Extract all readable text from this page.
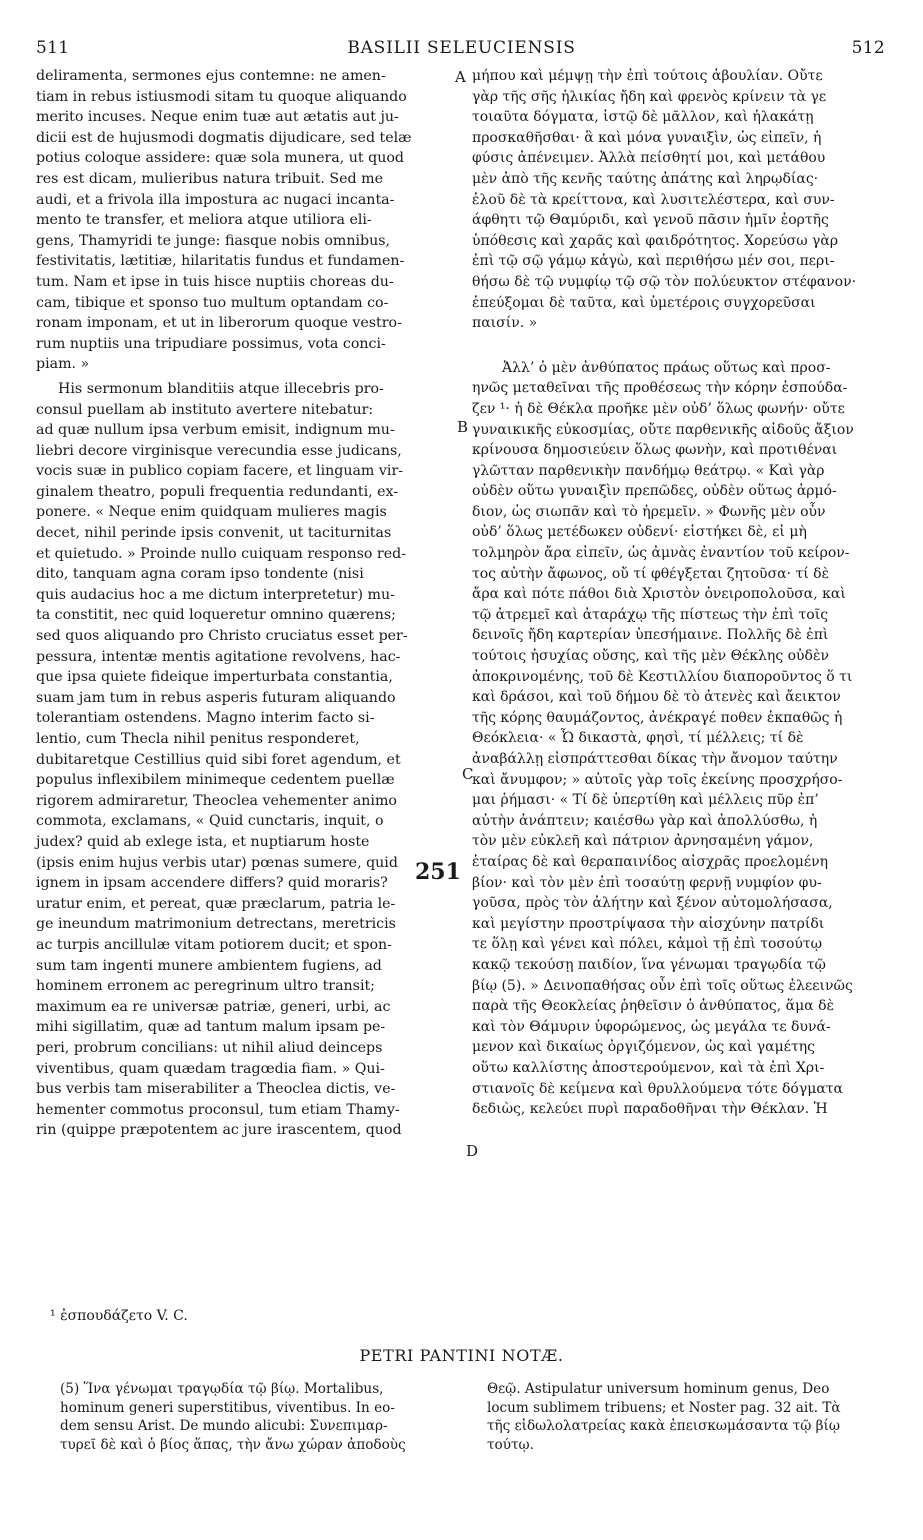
511	BASILII SELEUCIENSIS	512

deliramenta, sermones ejus contemne: ne amen-
tiam in rebus istiusmodi sitam tu quoque aliquando
merito incuses. Neque enim tuæ aut ætatis aut ju-
dicii est de hujusmodi dogmatis dijudicare, sed telæ
potius coloque assidere: quæ sola munera, ut quod
res est dicam, mulieribus natura tribuit. Sed me
audi, et a frivola illa impostura ac nugaci incanta-
mento te transfer, et meliora atque utiliora eli-
gens, Thamyridi te junge: fiasque nobis omnibus,
festivitatis, lætitiæ, hilaritatis fundus et fundamen-
tum. Nam et ipse in tuis hisce nuptiis choreas du-
cam, tibique et sponso tuo multum optandam co-
ronam imponam, et ut in liberorum quoque vestro-
rum nuptiis una tripudiare possimus, vota conci-
piam. »

His sermonum blanditiis atque illecebris pro-
consul puellam ab instituto avertere nitebatur:
ad quæ nullum ipsa verbum emisit, indignum mu-
liebri decore virginisque verecundia esse judicans,
vocis suæ in publico copiam facere, et linguam vir-
ginalem theatro, populi frequentia redundanti, ex-
ponere. « Neque enim quidquam mulieres magis
decet, nihil perinde ipsis convenit, ut taciturnitas
et quietudo. » Proinde nullo cuiquam responso red-
dito, tanquam agna coram ipso tondente (nisi
quis audacius hoc a me dictum interpretetur) mu-
ta constitit, nec quid loqueretur omnino quærens;
sed quos aliquando pro Christo cruciatus esset per-
pessura, intentæ mentis agitatione revolvens, hac-
que ipsa quiete fideique imperturbata constantia,
suam jam tum in rebus asperis futuram aliquando
tolerantiam ostendens. Magno interim facto si-
lentio, cum Thecla nihil penitus responderet,
dubitaretque Cestillius quid sibi foret agendum, et
populus inflexibilem minimeque cedentem puellæ
rigorem admiraretur, Theoclea vehementer animo
commota, exclamans, « Quid cunctaris, inquit, o
judex? quid ab exlege ista, et nuptiarum hoste
(ipsis enim hujus verbis utar) pœnas sumere, quid
ignem in ipsam accendere differs? quid moraris?
uratur enim, et pereat, quæ præclarum, patria le-
ge ineundum matrimonium detrectans, meretricis
ac turpis ancillulæ vitam potiorem ducit; et spon-
sum tam ingenti munere ambientem fugiens, ad
hominem erronem ac peregrinum ultro transit;
maximum ea re universæ patriæ, generi, urbi, ac
mihi sigillatim, quæ ad tantum malum ipsam pe-
peri, probrum concilians: ut nihil aliud deinceps
viventibus, quam quædam tragœdia fiam. » Qui-
bus verbis tam miserabiliter a Theoclea dictis, ve-
hementer commotus proconsul, tum etiam Thamy-
rin (quippe præpotentem ac jure irascentem, quod

A
B
C
D
251

μήπου καὶ μέμψῃ τὴν ἐπὶ τούτοις ἀβουλίαν. Οὔτε
γὰρ τῆς σῆς ἡλικίας ἤδη καὶ φρενὸς κρίνειν τὰ γε
τοιαῦτα δόγματα, ἱστῷ δὲ μᾶλλον, καὶ ἠλακάτῃ
προσκαθῆσθαι· ἃ καὶ μόνα γυναιξὶν, ὡς εἰπεῖν, ἡ
φύσις ἀπένειμεν. Ἀλλὰ πείσθητί μοι, καὶ μετάθου
μὲν ἀπὸ τῆς κενῆς ταύτης ἀπάτης καὶ ληρῳδίας·
ἐλοῦ δὲ τὰ κρείττονα, καὶ λυσιτελέστερα, καὶ συν-
άφθητι τῷ Θαμύριδι, καὶ γενοῦ πᾶσιν ἡμῖν ἑορτῆς
ὑπόθεσις καὶ χαρᾶς καὶ φαιδρότητος. Χορεύσω γὰρ
ἐπὶ τῷ σῷ γάμῳ κἀγὼ, καὶ περιθήσω μέν σοι, περι-
θήσω δὲ τῷ νυμφίῳ τῷ σῷ τὸν πολύευκτον στέφανον·
ἐπεύξομαι δὲ ταῦτα, καὶ ὑμετέροις συγχορεῦσαι
παισίν. »

Ἀλλ’ ὁ μὲν ἀνθύπατος πράως οὕτως καὶ προσ-
ηνῶς μεταθεῖναι τῆς προθέσεως τὴν κόρην ἐσπούδα-
ζεν ¹· ἡ δὲ Θέκλα προῆκε μὲν οὐδ’ ὅλως φωνήν· οὔτε
γυναικικῆς εὐκοσμίας, οὔτε παρθενικῆς αἰδοῦς ἄξιον
κρίνουσα δημοσιεύειν ὅλως φωνὴν, καὶ προτιθέναι
γλῶτταν παρθενικὴν πανδήμῳ θεάτρῳ. « Καὶ γὰρ
οὐδὲν οὕτω γυναιξὶν πρεπῶδες, οὐδὲν οὕτως ἁρμό-
διον, ὡς σιωπᾶν καὶ τὸ ἠρεμεῖν. » Φωνῆς μὲν οὖν
οὐδ’ ὅλως μετέδωκεν οὐδενί· εἱστήκει δὲ, εἰ μὴ
τολμηρὸν ἄρα εἰπεῖν, ὡς ἀμνὰς ἐναντίον τοῦ κείρον-
τος αὐτὴν ἄφωνος, οὔ τί φθέγξεται ζητοῦσα· τί δὲ
ἄρα καὶ πότε πάθοι διὰ Χριστὸν ὀνειροπολοῦσα, καὶ
τῷ ἀτρεμεῖ καὶ ἀταράχῳ τῆς πίστεως τὴν ἐπὶ τοῖς
δεινοῖς ἤδη καρτερίαν ὑπεσήμαινε. Πολλῆς δὲ ἐπὶ
τούτοις ἡσυχίας οὔσης, καὶ τῆς μὲν Θέκλης οὐδὲν
ἀποκρινομένης, τοῦ δὲ Κεστιλλίου διαποροῦντος ὅ τι
καὶ δράσοι, καὶ τοῦ δήμου δὲ τὸ ἀτενὲς καὶ ἄεικτον
τῆς κόρης θαυμάζοντος, ἀνέκραγέ ποθεν ἐκπαθῶς ἡ
Θεόκλεια· « Ὦ δικαστὰ, φησὶ, τί μέλλεις; τί δὲ
ἀναβάλλῃ εἰσπράττεσθαι δίκας τὴν ἄνομον ταύτην
καὶ ἄνυμφον; » αὐτοῖς γὰρ τοῖς ἐκείνης προσχρήσο-
μαι ῥήμασι· « Τί δὲ ὑπερτίθη καὶ μέλλεις πῦρ ἐπ’
αὐτὴν ἀνάπτειν; καιέσθω γὰρ καὶ ἀπολλύσθω, ἡ
τὸν μὲν εὐκλεῆ καὶ πάτριον ἀρνησαμένη γάμον,
ἑταίρας δὲ καὶ θεραπαινίδος αἰσχρᾶς προελομένη
βίον· καὶ τὸν μὲν ἐπὶ τοσαύτῃ φερνῇ νυμφίον φυ-
γοῦσα, πρὸς τὸν ἀλήτην καὶ ξένον αὐτομολήσασα,
καὶ μεγίστην προστρίψασα τὴν αἰσχύνην πατρίδι
τε ὅλῃ καὶ γένει καὶ πόλει, κἀμοὶ τῇ ἐπὶ τοσούτῳ
κακῷ τεκούσῃ παιδίον, ἵνα γένωμαι τραγῳδία τῷ
βίῳ (5). » Δεινοπαθήσας οὖν ἐπὶ τοῖς οὕτως ἐλεεινῶς
παρὰ τῆς Θεοκλείας ῥηθεῖσιν ὁ ἀνθύπατος, ἅμα δὲ
καὶ τὸν Θάμυριν ὑφορώμενος, ὡς μεγάλα τε δυνά-
μενον καὶ δικαίως ὀργιζόμενον, ὡς καὶ γαμέτης
οὕτω καλλίστης ἀποστερούμενον, καὶ τὰ ἐπὶ Χρι-
στιανοῖς δὲ κείμενα καὶ θρυλλούμενα τότε δόγματα
δεδιὼς, κελεύει πυρὶ παραδοθῆναι τὴν Θέκλαν. Ἡ

¹ ἐσπουδάζετο V. C.
PETRI PANTINI NOTÆ.

(5) Ἵνα γένωμαι τραγῳδία τῷ βίῳ. Mortalibus,
hominum generi superstitibus, viventibus. In eo-
dem sensu Arist. De mundo alicubi: Συνεπιμαρ-
τυρεῖ δὲ καὶ ὁ βίος ἅπας, τὴν ἄνω χώραν ἀποδοὺς

Θεῷ. Astipulatur universum hominum genus, Deo
locum sublimem tribuens; et Noster pag. 32 ait. Τὰ
τῆς εἰδωλολατρείας κακὰ ἐπεισκωμάσαντα τῷ βίῳ
τούτῳ.
